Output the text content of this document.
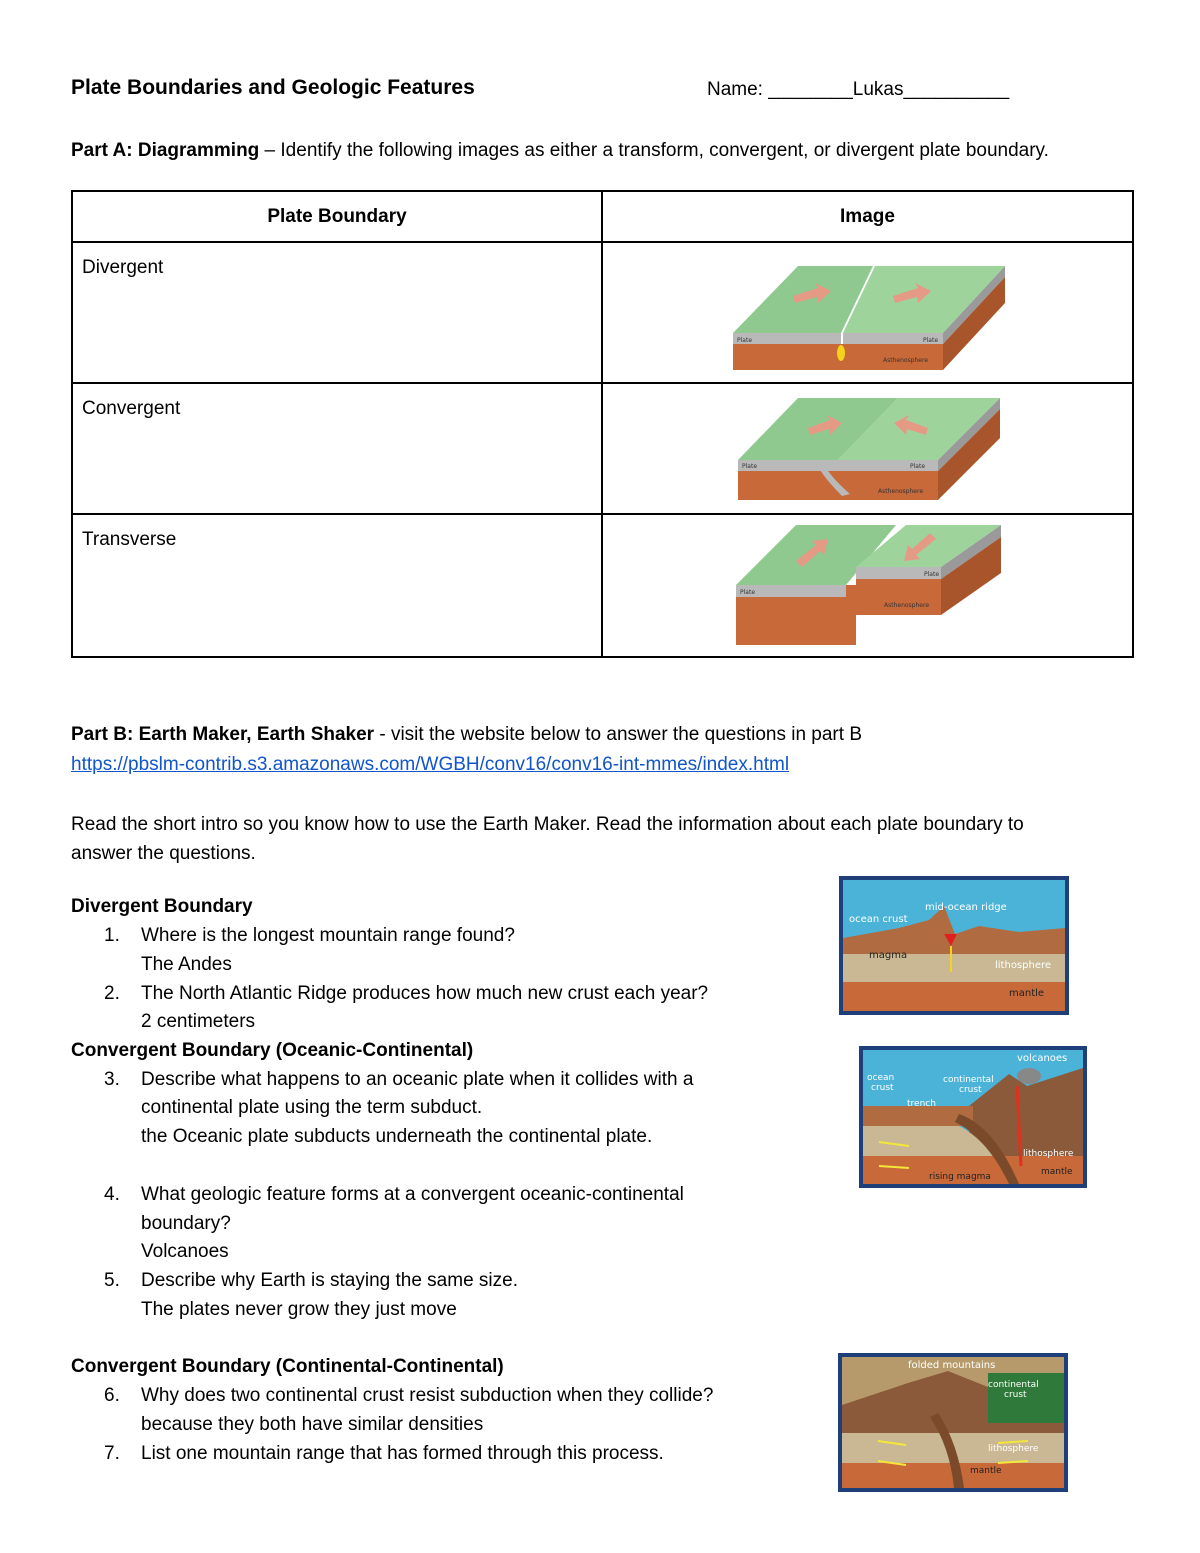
Plate Boundaries and Geologic Features	Name: ________Lukas__________
Part A: Diagramming – Identify the following images as either a transform, convergent, or divergent plate boundary.
Plate Boundary	Image

Divergent	Plate Plate
Asthenosphere

Convergent	Plate Plate
Asthenosphere

Transverse	Plate
Plate
Asthenosphere
Part B: Earth Maker, Earth Shaker - visit the website below to answer the questions in part B
https://pbslm-contrib.s3.amazonaws.com/WGBH/conv16/conv16-int-mmes/index.html
Read the short intro so you know how to use the Earth Maker. Read the information about each plate boundary to answer the questions.
Divergent Boundary
1. Where is the longest mountain range found?
The Andes
2. The North Atlantic Ridge produces how much new crust each year?
2 centimeters
mid-ocean ridge
ocean crust
magma
lithosphere
mantle
Convergent Boundary (Oceanic-Continental)
3. Describe what happens to an oceanic plate when it collides with a
continental plate using the term subduct.
the Oceanic plate subducts underneath the continental plate.
4. What geologic feature forms at a convergent oceanic-continental
boundary?
Volcanoes
5. Describe why Earth is staying the same size.
The plates never grow they just move
volcanoes
ocean
crust
continental
crust
trench
lithosphere
mantle
rising magma
Convergent Boundary (Continental-Continental)
6. Why does two continental crust resist subduction when they collide?
because they both have similar densities
7. List one mountain range that has formed through this process.
folded mountains
continental
crust
lithosphere
mantle
